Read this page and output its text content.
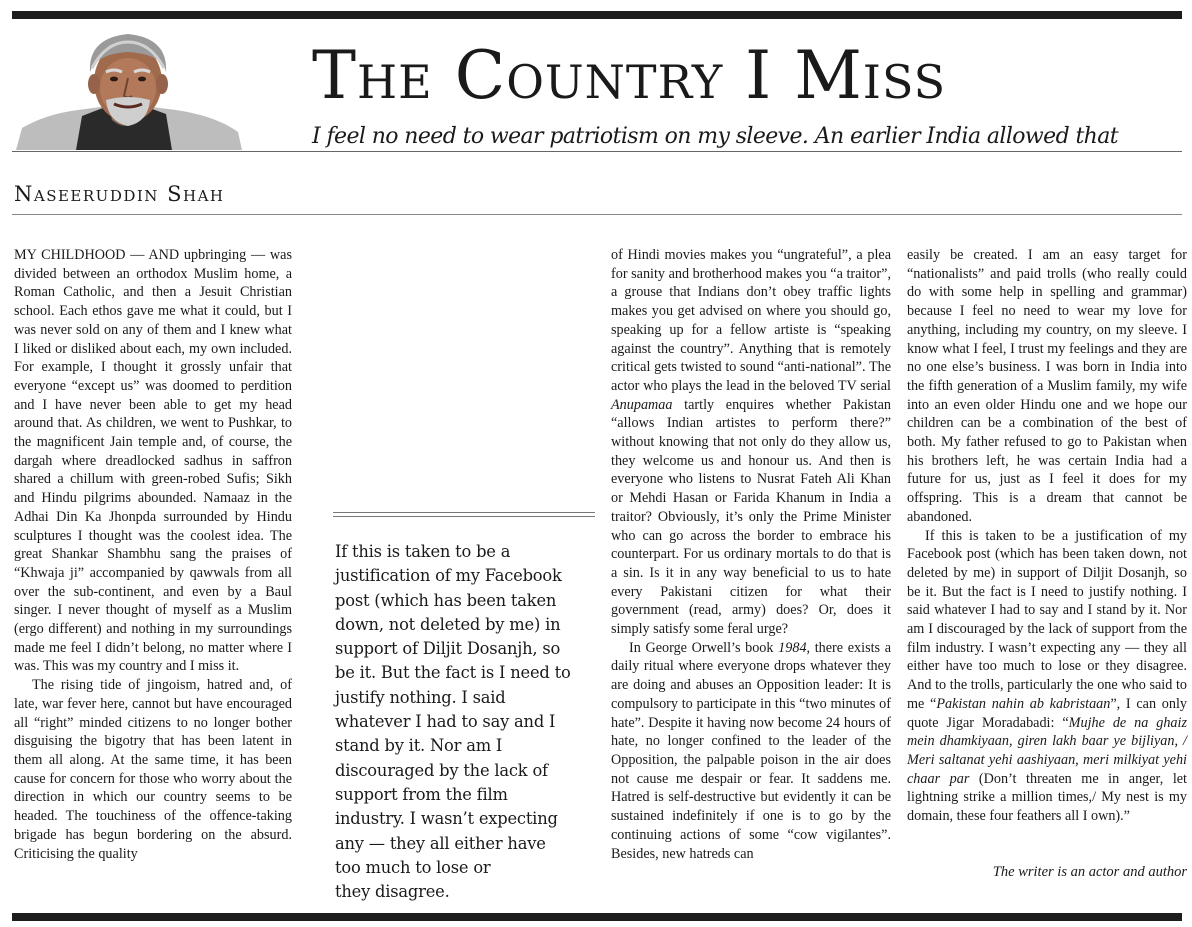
The Country I Miss
I feel no need to wear patriotism on my sleeve. An earlier India allowed that
Naseeruddin Shah

MY CHILDHOOD — AND upbringing — was divided between an orthodox Muslim home, a Roman Catholic, and then a Jesuit Christian school. Each ethos gave me what it could, but I was never sold on any of them and I knew what I liked or disliked about each, my own included. For example, I thought it grossly unfair that everyone “except us” was doomed to perdition and I have never been able to get my head around that. As children, we went to Pushkar, to the magnificent Jain temple and, of course, the dargah where dreadlocked sadhus in saffron shared a chillum with green-robed Sufis; Sikh and Hindu pilgrims abounded. Namaaz in the Adhai Din Ka Jhonpda surrounded by Hindu sculptures I thought was the coolest idea. The great Shankar Shambhu sang the praises of “Khwaja ji” accompanied by qawwals from all over the sub-continent, and even by a Baul singer. I never thought of myself as a Muslim (ergo different) and nothing in my surroundings made me feel I didn’t belong, no matter where I was. This was my country and I miss it.

The rising tide of jingoism, hatred and, of late, war fever here, cannot but have encouraged all “right” minded citizens to no longer bother disguising the bigotry that has been latent in them all along. At the same time, it has been cause for concern for those who worry about the direction in which our country seems to be headed. The touchiness of the offence-taking brigade has begun bordering on the absurd. Criticising the quality

If this is taken to be a
justification of my Facebook
post (which has been taken
down, not deleted by me) in
support of Diljit Dosanjh, so
be it. But the fact is I need to
justify nothing. I said
whatever I had to say and I
stand by it. Nor am I
discouraged by the lack of
support from the film
industry. I wasn’t expecting
any — they all either have
too much to lose or
they disagree.

of Hindi movies makes you “ungrateful”, a plea for sanity and brotherhood makes you “a traitor”, a grouse that Indians don’t obey traffic lights makes you get advised on where you should go, speaking up for a fellow artiste is “speaking against the country”. Anything that is remotely critical gets twisted to sound “anti-national”. The actor who plays the lead in the beloved TV serial Anupamaa tartly enquires whether Pakistan “allows Indian artistes to perform there?” without knowing that not only do they allow us, they welcome us and honour us. And then is everyone who listens to Nusrat Fateh Ali Khan or Mehdi Hasan or Farida Khanum in India a traitor? Obviously, it’s only the Prime Minister who can go across the border to embrace his counterpart. For us ordinary mortals to do that is a sin. Is it in any way beneficial to us to hate every Pakistani citizen for what their government (read, army) does? Or, does it simply satisfy some feral urge?

In George Orwell’s book 1984, there exists a daily ritual where everyone drops whatever they are doing and abuses an Opposition leader: It is compulsory to participate in this “two minutes of hate”. Despite it having now become 24 hours of hate, no longer confined to the leader of the Opposition, the palpable poison in the air does not cause me despair or fear. It saddens me. Hatred is self-destructive but evidently it can be sustained indefinitely if one is to go by the continuing actions of some “cow vigilantes”. Besides, new hatreds can

easily be created. I am an easy target for “nationalists” and paid trolls (who really could do with some help in spelling and grammar) because I feel no need to wear my love for anything, including my country, on my sleeve. I know what I feel, I trust my feelings and they are no one else’s business. I was born in India into the fifth generation of a Muslim family, my wife into an even older Hindu one and we hope our children can be a combination of the best of both. My father refused to go to Pakistan when his brothers left, he was certain India had a future for us, just as I feel it does for my offspring. This is a dream that cannot be abandoned.

If this is taken to be a justification of my Facebook post (which has been taken down, not deleted by me) in support of Diljit Dosanjh, so be it. But the fact is I need to justify nothing. I said whatever I had to say and I stand by it. Nor am I discouraged by the lack of support from the film industry. I wasn’t expecting any — they all either have too much to lose or they disagree. And to the trolls, particularly the one who said to me “Pakistan nahin ab kabristaan”, I can only quote Jigar Moradabadi: “Mujhe de na ghaiz mein dhamkiyaan, giren lakh baar ye bijliyan, / Meri saltanat yehi aashiyaan, meri milkiyat yehi chaar par (Don’t threaten me in anger, let lightning strike a million times,/ My nest is my domain, these four feathers all I own).”

The writer is an actor and author
